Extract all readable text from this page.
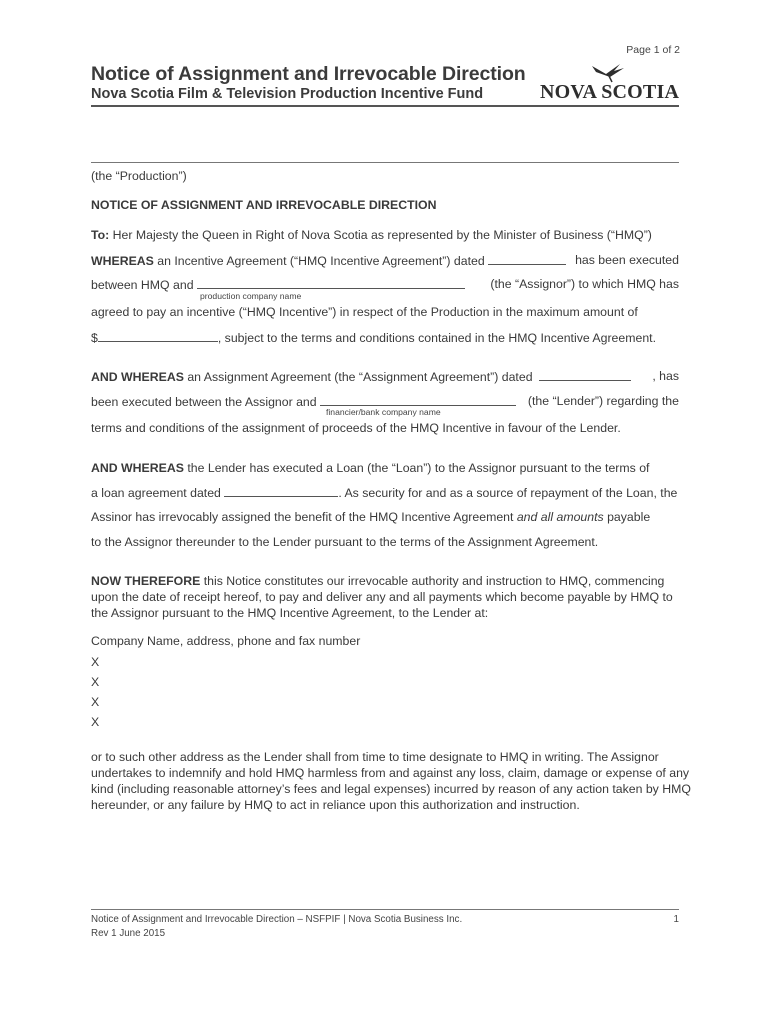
Page 1 of 2
Notice of Assignment and Irrevocable Direction
Nova Scotia Film & Television Production Incentive Fund	NOVA SCOTIA
(the “Production”)
NOTICE OF ASSIGNMENT AND IRREVOCABLE DIRECTION
To: Her Majesty the Queen in Right of Nova Scotia as represented by the Minister of Business (“HMQ”)
WHEREAS an Incentive Agreement (“HMQ Incentive Agreement”) dated	has been executed
between HMQ and	(the “Assignor”) to which HMQ has
production company name
agreed to pay an incentive (“HMQ Incentive”) in respect of the Production in the maximum amount of
$	, subject to the terms and conditions contained in the HMQ Incentive Agreement.
AND WHEREAS an Assignment Agreement (the “Assignment Agreement”) dated	, has
been executed between the Assignor and	(the “Lender”) regarding the
financier/bank company name
terms and conditions of the assignment of proceeds of the HMQ Incentive in favour of the Lender.
AND WHEREAS the Lender has executed a Loan (the “Loan”) to the Assignor pursuant to the terms of
a loan agreement dated	. As security for and as a source of repayment of the Loan, the
Assinor has irrevocably assigned the benefit of the HMQ Incentive Agreement and all amounts payable
to the Assignor thereunder to the Lender pursuant to the terms of the Assignment Agreement.
NOW THEREFORE this Notice constitutes our irrevocable authority and instruction to HMQ, commencing upon the date of receipt hereof, to pay and deliver any and all payments which become payable by HMQ to the Assignor pursuant to the HMQ Incentive Agreement, to the Lender at:
Company Name, address, phone and fax number
X
X
X
X
or to such other address as the Lender shall from time to time designate to HMQ in writing. The Assignor undertakes to indemnify and hold HMQ harmless from and against any loss, claim, damage or expense of any kind (including reasonable attorney’s fees and legal expenses) incurred by reason of any action taken by HMQ hereunder, or any failure by HMQ to act in reliance upon this authorization and instruction.
Notice of Assignment and Irrevocable Direction – NSFPIF | Nova Scotia Business Inc.	1
Rev 1 June 2015
